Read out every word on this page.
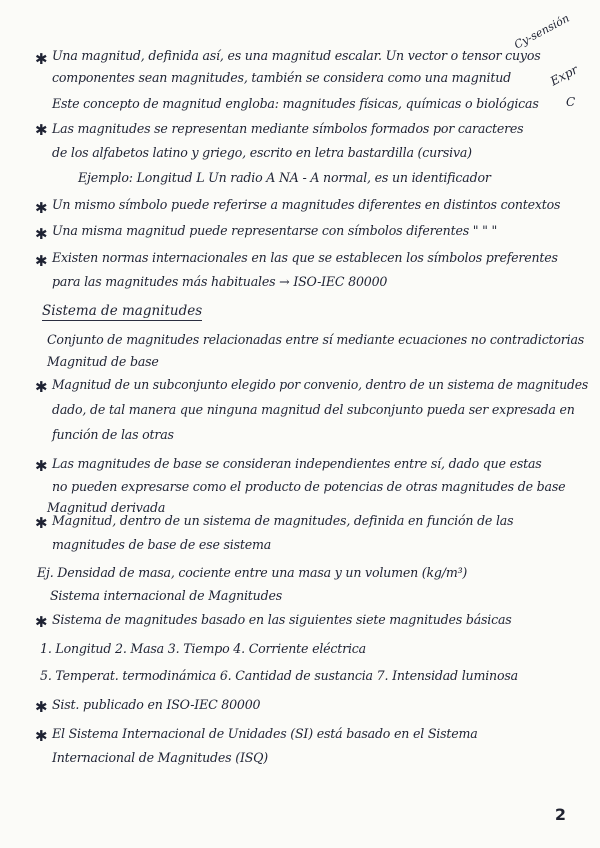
Cy-sensión
Expr
C
✱
✱
✱
✱
✱
✱
✱
✱
✱
✱
✱
Una magnitud, definida así, es una magnitud escalar. Un vector o tensor cuyos
componentes sean magnitudes, también se considera como una magnitud
Este concepto de magnitud engloba: magnitudes físicas, químicas o biológicas
Las magnitudes se representan mediante símbolos formados por caracteres
de los alfabetos latino y griego, escrito en letra bastardilla (cursiva)
Ejemplo: Longitud L Un radio A NA - A normal, es un identificador
Un mismo símbolo puede referirse a magnitudes diferentes en distintos contextos
Una misma magnitud puede representarse con símbolos diferentes " " "
Existen normas internacionales en las que se establecen los símbolos preferentes
para las magnitudes más habituales → ISO-IEC 80000
Sistema de magnitudes
Conjunto de magnitudes relacionadas entre sí mediante ecuaciones no contradictorias
Magnitud de base
Magnitud de un subconjunto elegido por convenio, dentro de un sistema de magnitudes
dado, de tal manera que ninguna magnitud del subconjunto pueda ser expresada en
función de las otras
Las magnitudes de base se consideran independientes entre sí, dado que estas
no pueden expresarse como el producto de potencias de otras magnitudes de base
Magnitud derivada
Magnitud, dentro de un sistema de magnitudes, definida en función de las
magnitudes de base de ese sistema
Ej. Densidad de masa, cociente entre una masa y un volumen (kg/m³)
Sistema internacional de Magnitudes
Sistema de magnitudes basado en las siguientes siete magnitudes básicas
1. Longitud 2. Masa 3. Tiempo 4. Corriente eléctrica
5. Temperat. termodinámica 6. Cantidad de sustancia 7. Intensidad luminosa
Sist. publicado en ISO-IEC 80000
El Sistema Internacional de Unidades (SI) está basado en el Sistema
Internacional de Magnitudes (ISQ)
2
